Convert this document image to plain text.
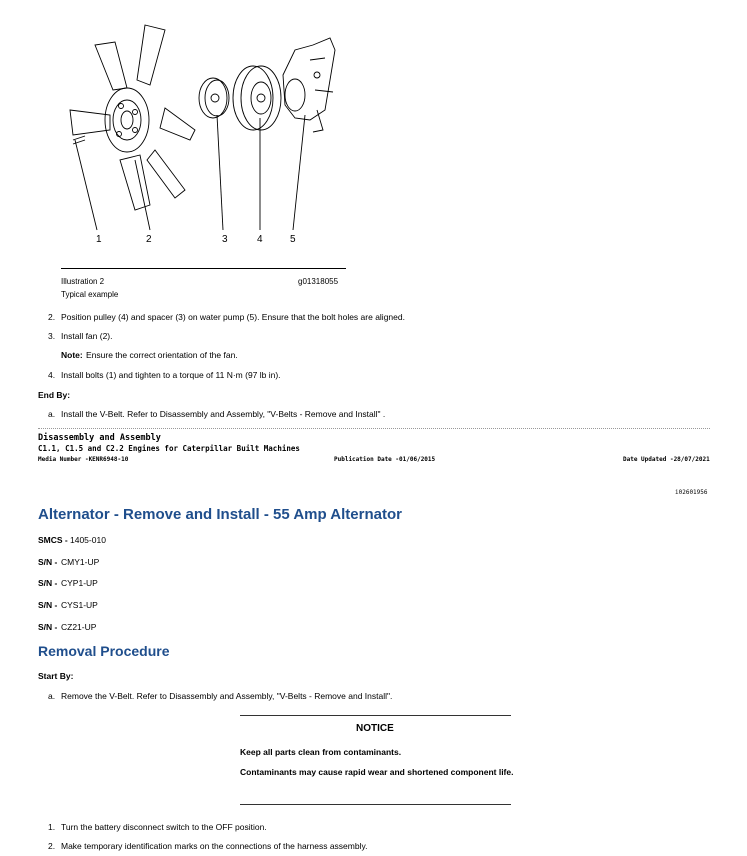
1	2	3	4	5
Illustration 2	g01318055
Typical example
2. Position pulley (4) and spacer (3) on water pump (5). Ensure that the bolt holes are aligned.
3. Install fan (2).
Note: Ensure the correct orientation of the fan.
4. Install bolts (1) and tighten to a torque of 11 N·m (97 lb in).
End By:
a. Install the V-Belt. Refer to Disassembly and Assembly, "V-Belts - Remove and Install" .
Disassembly and Assembly
C1.1, C1.5 and C2.2 Engines for Caterpillar Built Machines
Media Number -KENR6948-10	Publication Date -01/06/2015	Date Updated -28/07/2021
i02601956
Alternator - Remove and Install - 55 Amp Alternator
SMCS - 1405-010
S/N - CMY1-UP
S/N - CYP1-UP
S/N - CYS1-UP
S/N - CZ21-UP
Removal Procedure
Start By:
a. Remove the V-Belt. Refer to Disassembly and Assembly, "V-Belts - Remove and Install".
NOTICE
Keep all parts clean from contaminants.
Contaminants may cause rapid wear and shortened component life.
1. Turn the battery disconnect switch to the OFF position.
2. Make temporary identification marks on the connections of the harness assembly.
